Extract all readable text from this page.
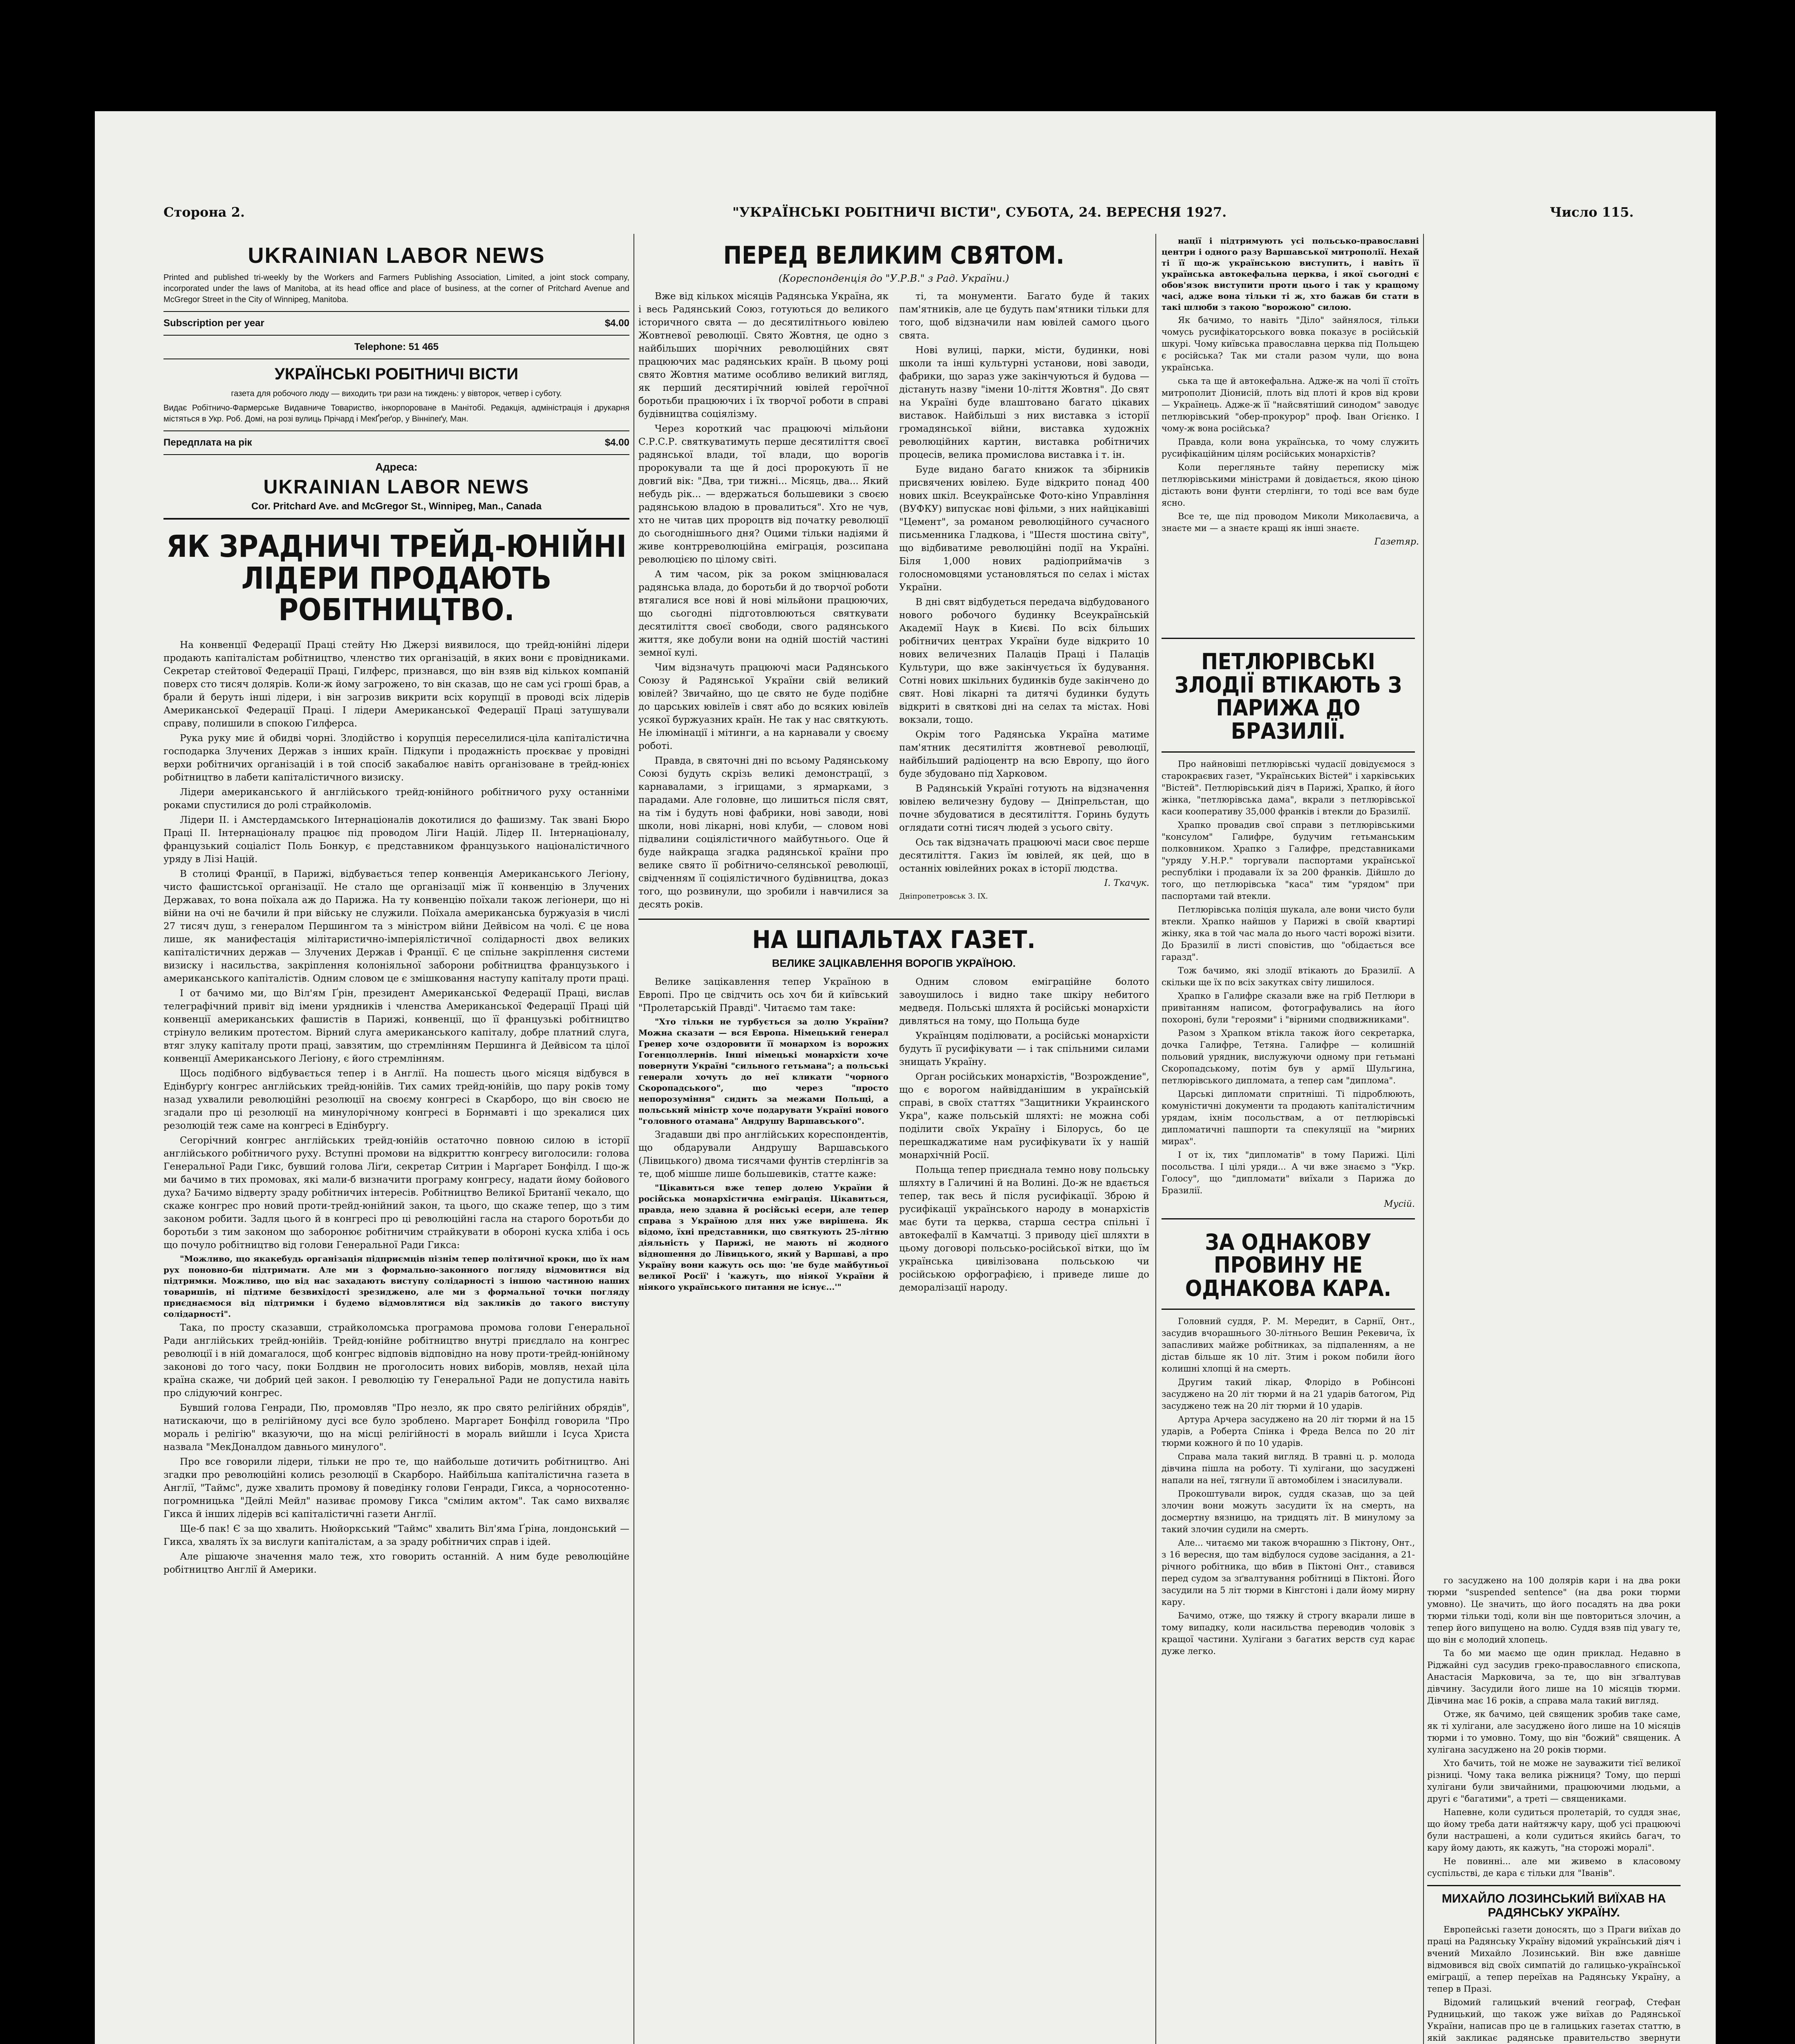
Сторона 2.	"УКРАЇНСЬКІ РОБІТНИЧІ ВІСТИ", СУБОТА, 24. ВЕРЕСНЯ 1927.	Число 115.
UKRAINIAN LABOR NEWS
Printed and published tri-weekly by the Workers and Farmers Publishing Association, Limited, a joint stock company, incorporated under the laws of Manitoba, at its head office and place of business, at the corner of Pritchard Avenue and McGregor Street in the City of Winnipeg, Manitoba.
Subscription per year	$4.00
Telephone: 51 465
УКРАЇНСЬКІ РОБІТНИЧІ ВІСТИ
газета для робочого люду — виходить три рази на тиждень: у вівторок, четвер і суботу.
Видає Робітничо-Фармерське Видавниче Товариство, інкорпороване в Манітобі. Редакція, адміністрація і друкарня містяться в Укр. Роб. Домі, на розі вулиць Прічард і МекҐреґор, у Вінніпеґу, Ман.
Передплата на рік	$4.00
Адреса:
UKRAINIAN LABOR NEWS
Cor. Pritchard Ave. and McGregor St., Winnipeg, Man., Canada
ЯК ЗРАДНИЧІ ТРЕЙД-ЮНІЙНІ ЛІДЕРИ ПРОДАЮТЬ РОБІТНИЦТВО.

На конвенції Федерації Праці стейту Ню Джерзі виявилося, що трейд-юнійні лідери продають капіталістам робітництво, членство тих організацій, в яких вони є провідниками. Секретар стейтової Федерації Праці, Гилферс, признався, що він взяв від кількох компаній поверх сто тисяч долярів. Коли-ж йому загрожено, то він сказав, що не сам усі гроші брав, а брали й беруть інші лідери, і він загрозив викрити всіх корупції в проводі всіх лідерів Американської Федерації Праці. І лідери Американської Федерації Праці затушували справу, полишили в спокою Гилферса.

Рука руку миє й обидві чорні. Злодійство і корупція переселилися-ціла капіталістична господарка Злучених Держав з інших країн. Підкупи і продажність проєкває у провідні верхи робітничих організацій і в той спосіб закабалює навіть організоване в трейд-юнієх робітництво в лабети капіталістичного визиску.

Лідери американського й англійського трейд-юнійного робітничого руху останніми роками спустилися до ролі страйколомів.

Лідери II. і Амстердамського Інтернаціоналів докотилися до фашизму. Так звані Бюро Праці II. Інтернаціоналу працює під проводом Ліги Націй. Лідер II. Інтернаціоналу, французький соціаліст Поль Бонкур, є представником французького націоналістичного уряду в Лізі Націй.

В столиці Франції, в Парижі, відбувається тепер конвенція Американського Легіону, чисто фашистської організації. Не стало ще організації між її конвенцію в Злучених Державах, то вона поїхала аж до Парижа. На ту конвенцію поїхали також легіонери, що ні війни на очі не бачили й при війську не служили. Поїхала американська буржуазія в числі 27 тисяч душ, з генералом Першингом та з міністром війни Дейвісом на чолі. Є це нова лише, як манифестація мілітаристично-імперіялістичної солідарності двох великих капіталістичних держав — Злучених Держав і Франції. Є це спільне закріплення системи визиску і насильства, закріплення колоніяльної заборони робітництва французького і американського капіталістів. Одним словом це є змішковання наступу капіталу проти праці.

І от бачимо ми, що Віл'ям Ґрін, президент Американської Федерації Праці, вислав телеграфічний привіт від імени урядників і членства Американської Федерації Праці цій конвенції американських фашистів в Парижі, конвенції, що її французькі робітництво стрінуло великим протестом. Вірний слуга американського капіталу, добре платний слуга, втяг злуку капіталу проти праці, завзятим, що стремлінням Першинга й Дейвісом та цілої конвенції Американського Легіону, є його стремлінням.

Щось подібного відбувається тепер і в Англії. На пошесть цього місяця відбувся в Едінбурґу конгрес англійських трейд-юнійів. Тих самих трейд-юнійів, що пару років тому назад ухвалили революційні резолюції на своєму конгресі в Скарборо, що він своєю не згадали про ці резолюції на минулорічному конгресі в Борнмавті і що зрекалися цих резолюцій теж саме на конгресі в Едінбурґу.

Сегорічний конгрес англійських трейд-юнійів остаточно повною силою в історії англійського робітничого руху. Вступні промови на відкриттю конгресу виголосили: голова Генеральної Ради Гикс, бувший голова Ліґи, секретар Ситрин і Марґарет Бонфілд. І що-ж ми бачимо в тих промовах, які мали-б визначити програму конгресу, надати йому бойового духа? Бачимо відверту зраду робітничих інтересів. Робітництво Великої Британії чекало, що скаже конгрес про новий проти-трейд-юнійний закон, та цього, що скаже тепер, що з тим законом робити. Задля цього й в конгресі про ці революційні гасла на старого боротьби до боротьби з тим законом що заборонює робітничим страйкувати в обороні куска хліба і ось що почуло робітництво від голови Генеральної Ради Гикса:

"Можливо, що якакебудь організація підприємців пізнім тепер політичної кроки, що їх нам рух поновно-би підтримати. Але ми з формально-законного погляду відмовитися від підтримки. Можливо, що від нас захадають виступу солідарності з іншою частиною наших товаришів, ні підтиме безвихідості зрезиджено, але ми з формальної точки погляду приєднаємося від підтримки і будемо відмовлятися від закликів до такого виступу солідарності".

Така, по просту сказавши, страйколомська програмова промова голови Генеральної Ради англійських трейд-юнійів. Трейд-юнійне робітництво внутрі приєдлало на конгрес революції і в ній домагалося, щоб конгрес відповів відповідно на нову проти-трейд-юнійному законові до того часу, поки Болдвин не проголосить нових виборів, мовляв, нехай ціла країна скаже, чи добрий цей закон. І революцію ту Генеральної Ради не допустила навіть про слідуючий конгрес.

Бувший голова Генради, Пю, промовляв "Про незло, як про свято релігійних обрядів", натискаючи, що в релігійному дусі все було зроблено. Маргарет Бонфілд говорила "Про мораль і релігію" вказуючи, що на місці релігійності в мораль вийшли і Ісуса Христа назвала "МекДоналдом давнього минулого".

Про все говорили лідери, тільки не про те, що найбольше дотичить робітництво. Ані згадки про революційні колись резолюції в Скарборо. Найбільша капіталістична газета в Англії, "Таймс", дуже хвалить промову й поведінку голови Генради, Гикса, а чорносотенно-погромницька "Дейлі Мейл" називає промову Гикса "смілим актом". Так само вихваляє Гикса й інших лідерів всі капіталістичні газети Англії.

Ще-б пак! Є за що хвалить. Нюйоркський "Таймс" хвалить Віл'яма Ґріна, лондонський — Гикса, хвалять їх за вислуги капіталістам, а за зраду робітничих справ і ідей.

Але рішаюче значення мало теж, хто говорить останній. А ним буде революційне робітництво Англії й Америки.

ПЕРЕД ВЕЛИКИМ СВЯТОМ.
(Кореспонденція до "У.Р.В." з Рад. України.)

Вже від кількох місяців Радянська Україна, як і весь Радянський Союз, готуються до великого історичного свята — до десятилітнього ювілею Жовтневої революції. Свято Жовтня, це одно з найбільших шорічних революційних свят працюючих мас радянських країн. В цьому році свято Жовтня матиме особливо великий вигляд, як перший десятирічний ювілей героїчної боротьби працюючих і їх творчої роботи в справі будівництва соціялізму.

Через короткий час працюючі мільйони С.Р.С.Р. святкуватимуть перше десятиліття своєї радянської влади, тої влади, що ворогів пророкували та ще й досі пророкують її не довгий вік: "Два, три тижні... Місяць, два... Який небудь рік... — вдержаться большевики з своєю радянською владою в провалиться". Хто не чув, хто не читав цих пророцтв від початку революції до сьогоднішнього дня? Оцими тільки надіями й живе контрреволюційна еміграція, розсипана революцією по цілому світі.

А тим часом, рік за роком зміцнювалася радянська влада, до боротьби й до творчої роботи втягалися все нові й нові мільйони працюючих, що сьогодні підготовлюються святкувати десятиліття своєї свободи, свого радянського життя, яке добули вони на одній шостій частині земної кулі.

Чим відзначуть працюючі маси Радянського Союзу й Радянської України свій великий ювілей? Звичайно, що це свято не буде подібне до царських ювілеїв і свят або до всяких ювілеїв усякої буржуазних країн. Не так у нас святкують. Не ілюмінації і мітинги, а на карнавали у своєму роботі.

Правда, в святочні дні по всьому Радянському Союзі будуть скрізь великі демонстрації, з карнавалами, з ігрищами, з ярмарками, з парадами. Але головне, що лишиться після свят, на тім і будуть нові фабрики, нові заводи, нові школи, нові лікарні, нові клуби, — словом нові підвалини соціялістичного майбутнього. Оце й буде найкраща згадка радянської країни про велике свято її робітничо-селянської революції, свідченням її соціялістичного будівництва, доказ того, що розвинули, що зробили і навчилися за десять років.

ті, та монументи. Багато буде й таких пам'ятників, але це будуть пам'ятники тільки для того, щоб відзначили нам ювілей самого цього свята.

Нові вулиці, парки, місти, будинки, нові школи та інші культурні установи, нові заводи, фабрики, що зараз уже закінчуються й будова — дістануть назву "імени 10-ліття Жовтня". До свят на Україні буде влаштовано багато цікавих виставок. Найбільші з них виставка з історії громадянської війни, виставка художніх революційних картин, виставка робітничих процесів, велика промислова виставка і т. ін.

Буде видано багато книжок та збірників присвячених ювілею. Буде відкрито понад 400 нових шкіл. Всеукраїнське Фото-кіно Управління (ВУФКУ) випускає нові фільми, з них найцікавіші "Цемент", за романом революційного сучасного письменника Гладкова, і "Шестя шостина світу", що відбиватиме революційні події на Україні. Біля 1,000 нових радіоприймачів з голосномовцями установляться по селах і містах України.

В дні свят відбудеться передача відбудованого нового робочого будинку Всеукраїнській Академії Наук в Києві. По всіх більших робітничих центрах України буде відкрито 10 нових величезних Палаців Праці і Палаців Культури, що вже закінчується їх будування. Сотні нових шкільних будинків буде закінчено до свят. Нові лікарні та дитячі будинки будуть відкриті в святкові дні на селах та містах. Нові вокзали, тощо.

Окрім того Радянська Україна матиме пам'ятник десятиліття жовтневої революції, найбільший радіоцентр на всю Европу, що його буде збудовано під Харковом.

В Радянській Україні готують на відзначення ювілею величезну будову — Дніпрельстан, що почне збудоватися в десятиліття. Горинь будуть оглядати сотні тисяч людей з усього світу.

Ось так відзначать працюючі маси своє перше десятиліття. Гакиз їм ювілей, як цей, що в останніх ювілейних роках в історії людства.

І. Ткачук.
Дніпропетровськ 3. IX.
НА ШПАЛЬТАХ ГАЗЕТ.
ВЕЛИКЕ ЗАЦІКАВЛЕННЯ ВОРОГІВ УКРАЇНОЮ.

Велике зацікавлення тепер Україною в Европі. Про це свідчить ось хоч би й київський "Пролетарській Правді". Читаємо там таке:

"Хто тільки не турбується за долю України? Можна сказати — вся Европа. Німецький генерал Гренер хоче оздоровити її монархом із ворожих Гогенцоллернів. Інші німецькі монархісти хоче повернути Україні "сильного гетьмана"; а польські генерали хочуть до неї кликати "чорного Скоропадського", що через "просто непорозуміння" сидить за межами Польщі, а польський міністр хоче подарувати Україні нового "головного отамана" Андрушу Варшавського".

Згадавши дві про англійських кореспондентів, що обдарували Андрушу Варшавського (Лівицького) двома тисячами фунтів стерлінгів за те, щоб мішше лише большевиків, статте каже:

"Цікавиться вже тепер долею України й російська монархістична еміграція. Цікавиться, правда, нею здавна й російські есери, але тепер справа з Україною для них уже вирішена. Як відомо, їхні представники, що святкують 25-літню діяльність у Парижі, не мають ні жодного відношення до Лівицького, який у Варшаві, а про Україну вони кажуть ось що: 'не буде майбутньої великої Росії' і 'кажуть, що ніякої України й ніякого українського питання не існує...'"

Одним словом еміграційне болото завоушилось і видно таке шкіру небитого медведя. Польські шляхта й російські монархісти дивляться на тому, що Польща буде

Українцям поділювати, а російські монархісти будуть її русифікувати — і так спільними силами знищать Україну.

Орган російських монархістів, "Возрождение", що є ворогом найвідданішим в українській справі, в своїх статтях "Защитники Украинского Укра", каже польській шляхті: не можна собі поділити своїх Україну і Білорусь, бо це перешкаджатиме нам русифікувати їх у нашій монархічній Росії.

Польща тепер приєднала темно нову польську шляхту в Галичині й на Волині. До-ж не вдається тепер, так весь й після русифікації. Зброю й русифікації українського народу в монархістів має бути та церква, старша сестра спільні ї автокефалії в Камчатці. З приводу цієї шляхти в цьому договорі польсько-російської вітки, що їм українська цивілізована польською чи російською орфографією, і приведе лише до деморалізації народу.

нації і підтримують усі польсько-православні центри і одного разу Варшавської митрополії. Нехай ті її що-ж українською виступить, і навіть її українська автокефальна церква, і якої сьогодні є обов'язок виступити проти цього і так у кращому часі, адже вона тільки ті ж, хто бажав би стати в такі шлюби з такою "ворожою" силою.

Як бачимо, то навіть "Діло" зайнялося, тільки чомусь русифікаторського вовка показує в російській шкурі. Чому київська православна церква під Польщею є російська? Так ми стали разом чули, що вона українська.

ська та ще й автокефальна. Адже-ж на чолі її стоїть митрополит Діонисій, плоть від плоті й кров від крови — Українець. Адже-ж її "найсвятіший синодом" заводує петлюрівський "обер-прокурор" проф. Іван Огієнко. І чому-ж вона російська?

Правда, коли вона українська, то чому служить русифікаційним цілям російських монархістів?

Коли перегляньте тайну переписку між петлюрівськими міністрами й довідається, якою ціною дістають вони фунти стерлінги, то тоді все вам буде ясно.

Все те, ще під проводом Миколи Миколаєвича, а знаєте ми — а знаєте кращі як інші знаєте.

Газетяр.

го засуджено на 100 долярів кари і на два роки тюрми "suspended sentence" (на два роки тюрми умовно). Це значить, що його посадять на два роки тюрми тільки тоді, коли він ще повториться злочин, а тепер його випущено на волю. Суддя взяв під увагу те, що він є молодий хлопець.

Та бо ми маємо ще один приклад. Недавно в Ріджайні суд засудив греко-православного єпископа, Анастасія Марковича, за те, що він зґвалтував дівчину. Засудили його лише на 10 місяців тюрми. Дівчина має 16 років, а справа мала такий вигляд.

Отже, як бачимо, цей священик зробив таке саме, як ті хулігани, але засуджено його лише на 10 місяців тюрми і то умовно. Тому, що він "божий" священик. А хулігана засуджено на 20 років тюрми.

Хто бачить, той не може не зауважити тієї великої різниці. Чому така велика ріжниця? Тому, що перші хулігани були звичайними, працюючими людьми, а другі є "багатими", а треті — священиками.

Напевне, коли судиться пролетарій, то суддя знає, що йому треба дати найтяжчу кару, щоб усі працюючі були настрашені, а коли судиться якийсь багач, то кару йому дають, як кажуть, "на сторожі моралі".

Не повинні... але ми живемо в класовому суспільстві, де кара є тільки для "Іванів".

МИХАЙЛО ЛОЗИНСЬКИЙ ВИЇХАВ НА РАДЯНСЬКУ УКРАЇНУ.

Европейські газети доносять, що з Праги виїхав до праці на Радянську Україну відомий український діяч і вчений Михайло Лозинський. Він вже давніше відмовився від своїх симпатій до галицько-української еміграції, а тепер переїхав на Радянську Україну, а тепер в Празі.

Відомий галицький вчений географ, Стефан Рудницький, що також уже виїхав до Радянської України, написав про це в галицьких газетах статтю, в якій закликає радянське правительство звернути

ПЕТЛЮРІВСЬКІ ЗЛОДІЇ ВТІКАЮТЬ З ПАРИЖА ДО БРАЗИЛІЇ.

Про найновіші петлюрівські чудасії довідуємося з старокраєвих газет, "Українських Вістей" і харківських "Вістей". Петлюрівський діяч в Парижі, Храпко, й його жінка, "петлюрівська дама", вкрали з петлюрівської каси кооперативу 35,000 франків і втекли до Бразилії.

Храпко провадив свої справи з петлюрівськими "консулом" Галифре, будучим гетьманським полковником. Храпко з Галифре, представниками "уряду У.Н.Р." торгували паспортами української республіки і продавали їх за 200 франків. Дійшло до того, що петлюрівська "каса" тим "урядом" при паспортами тай втекли.

Петлюрівська поліція шукала, але вони чисто були втекли. Храпко найшов у Парижі в своїй квартирі жінку, яка в той час мала до нього часті ворожі візити. До Бразилії в листі сповістив, що "обідається все гаразд".

Тож бачимо, які злодії втікають до Бразилії. А скільки ще їх по всіх закутках світу лишилося.

Храпко в Галифре сказали вже на гріб Петлюри в привітанням написом, фотографувались на його похороні, були "героями" і "вірними сподвижниками".

Разом з Храпком втікла також його секретарка, дочка Галифре, Тетяна. Галифре — колишній польовий урядник, вислужуючи одному при гетьмані Скоропадському, потім був у армії Шульгина, петлюрівського дипломата, а тепер сам "диплома".

Царські дипломати спритніші. Ті підроблюють, комуністичні документи та продають капіталістичним урядам, іхнім посольствам, а от петлюрівські дипломатичні пашпорти та спекуляції на "мирних мирах".

І от іх, тих "дипломатів" в тому Парижі. Цілі посольства. І цілі уряди... А чи вже знаємо з "Укр. Голосу", що "дипломати" виїхали з Парижа до Бразилії.

Мусій.
ЗА ОДНАКОВУ ПРОВИНУ НЕ ОДНАКОВА КАРА.

Головний суддя, Р. М. Мередит, в Сарнії, Онт., засудив вчорашнього 30-літнього Вешин Рекевича, їх запасливих майже робітниках, за підпаленням, а не дістав більше як 10 літ. Зтим і роком побили його колишні хлопці й на смерть.

Другим такий лікар, Флорідо в Робінсоні засуджено на 20 літ тюрми й на 21 ударів батогом, Рід засуджено теж на 20 літ тюрми й 10 ударів.

Артура Арчера засуджено на 20 літ тюрми й на 15 ударів, а Роберта Спінка і Фреда Велса по 20 літ тюрми кожного й по 10 ударів.

Справа мала такий вигляд. В травні ц. р. молода дівчина пішла на роботу. Ті хулігани, що засуджені напали на неї, тягнули її автомобілем і знасилували.

Прокоштували вирок, суддя сказав, що за цей злочин вони можуть засудити їх на смерть, на досмертну вязницю, на тридцять літ. В минулому за такий злочин судили на смерть.

Але... читаємо ми також вчорашню з Піктону, Онт., з 16 вересня, що там відбулося судове засідання, а 21-річного робітника, що вбив в Піктоні Онт., ставився перед судом за зґвалтування робітниці в Піктоні. Його засудили на 5 літ тюрми в Кінгстоні і дали йому мирну кару.

Бачимо, отже, що тяжку й строгу вкарали лише в тому випадку, коли насильства переводив чоловік з кращої частини. Хулігани з багатих верств суд карає дуже легко.
